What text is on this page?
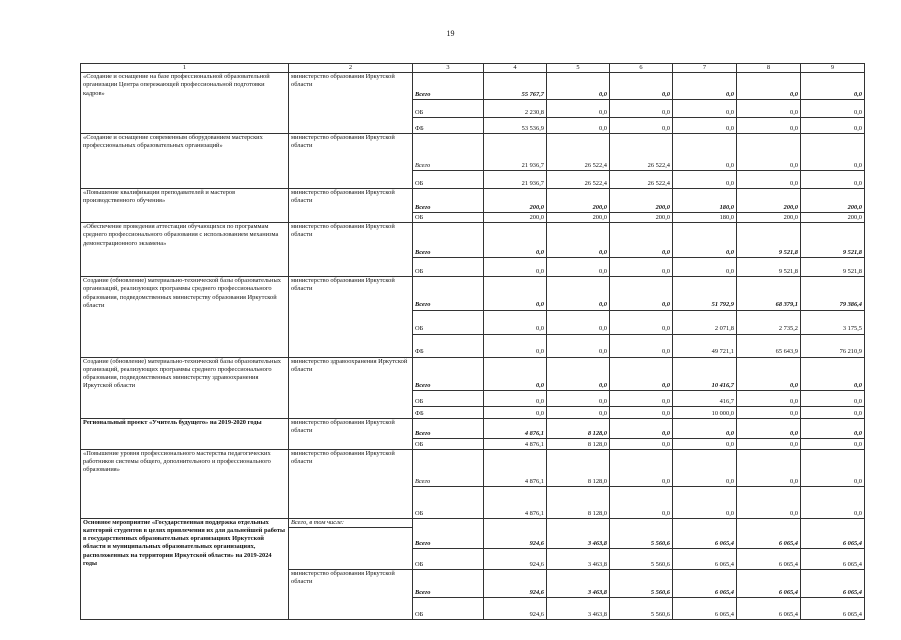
19
1	2	3	4	5	6	7	8	9
«Создание и оснащение на базе профессиональной образовательной организации Центра опережающей профессиональной подготовки кадров»	министерство образования Иркутской области	Всего	55 767,7	0,0	0,0	0,0	0,0	0,0
		ОБ	2 230,8	0,0	0,0	0,0	0,0	0,0
		ФБ	53 536,9	0,0	0,0	0,0	0,0	0,0
«Создание и оснащение современным оборудованием мастерских профессиональных образовательных организаций»	министерство образования Иркутской области	Всего	21 936,7	26 522,4	26 522,4	0,0	0,0	0,0
		ОБ	21 936,7	26 522,4	26 522,4	0,0	0,0	0,0
«Повышение квалификации преподавателей и мастеров производственного обучения»	министерство образования Иркутской области	Всего	200,0	200,0	200,0	180,0	200,0	200,0
		ОБ	200,0	200,0	200,0	180,0	200,0	200,0
«Обеспечение проведения аттестации обучающихся по программам среднего профессионального образования с использованием механизма демонстрационного экзамена»	министерство образования Иркутской области	Всего	0,0	0,0	0,0	0,0	9 521,8	9 521,8
		ОБ	0,0	0,0	0,0	0,0	9 521,8	9 521,8
Создание (обновление) материально-технической базы образовательных организаций, реализующих программы среднего профессионального образования, подведомственных министерству образования Иркутской области	министерство образования Иркутской области	Всего	0,0	0,0	0,0	51 792,9	68 379,1	79 386,4
		ОБ	0,0	0,0	0,0	2 071,8	2 735,2	3 175,5
		ФБ	0,0	0,0	0,0	49 721,1	65 643,9	76 210,9
Создание (обновление) материально-технической базы образовательных организаций, реализующих программы среднего профессионального образования, подведомственных министерству здравоохранения Иркутской области	министерство здравоохранения Иркутской области	Всего	0,0	0,0	0,0	10 416,7	0,0	0,0
		ОБ	0,0	0,0	0,0	416,7	0,0	0,0
		ФБ	0,0	0,0	0,0	10 000,0	0,0	0,0
Региональный проект «Учитель будущего» на 2019-2020 годы	министерство образования Иркутской области	Всего	4 876,1	8 128,0	0,0	0,0	0,0	0,0
		ОБ	4 876,1	8 128,0	0,0	0,0	0,0	0,0
«Повышение уровня профессионального мастерства педагогических работников системы общего, дополнительного и профессионального образования»	министерство образования Иркутской области	Всего	4 876,1	8 128,0	0,0	0,0	0,0	0,0
		ОБ	4 876,1	8 128,0	0,0	0,0	0,0	0,0
Основное мероприятие «Государственная поддержка отдельных категорий студентов в целях привлечения их для дальнейшей работы в государственных образовательных организациях Иркутской области и муниципальных образовательных организациях, расположенных на территории Иркутской области» на 2019-2024 годы	Всего, в том числе:							
		Всего	924,6	3 463,8	5 560,6	6 065,4	6 065,4	6 065,4
		ОБ	924,6	3 463,8	5 560,6	6 065,4	6 065,4	6 065,4
	министерство образования Иркутской области	Всего	924,6	3 463,8	5 560,6	6 065,4	6 065,4	6 065,4
		ОБ	924,6	3 463,8	5 560,6	6 065,4	6 065,4	6 065,4
